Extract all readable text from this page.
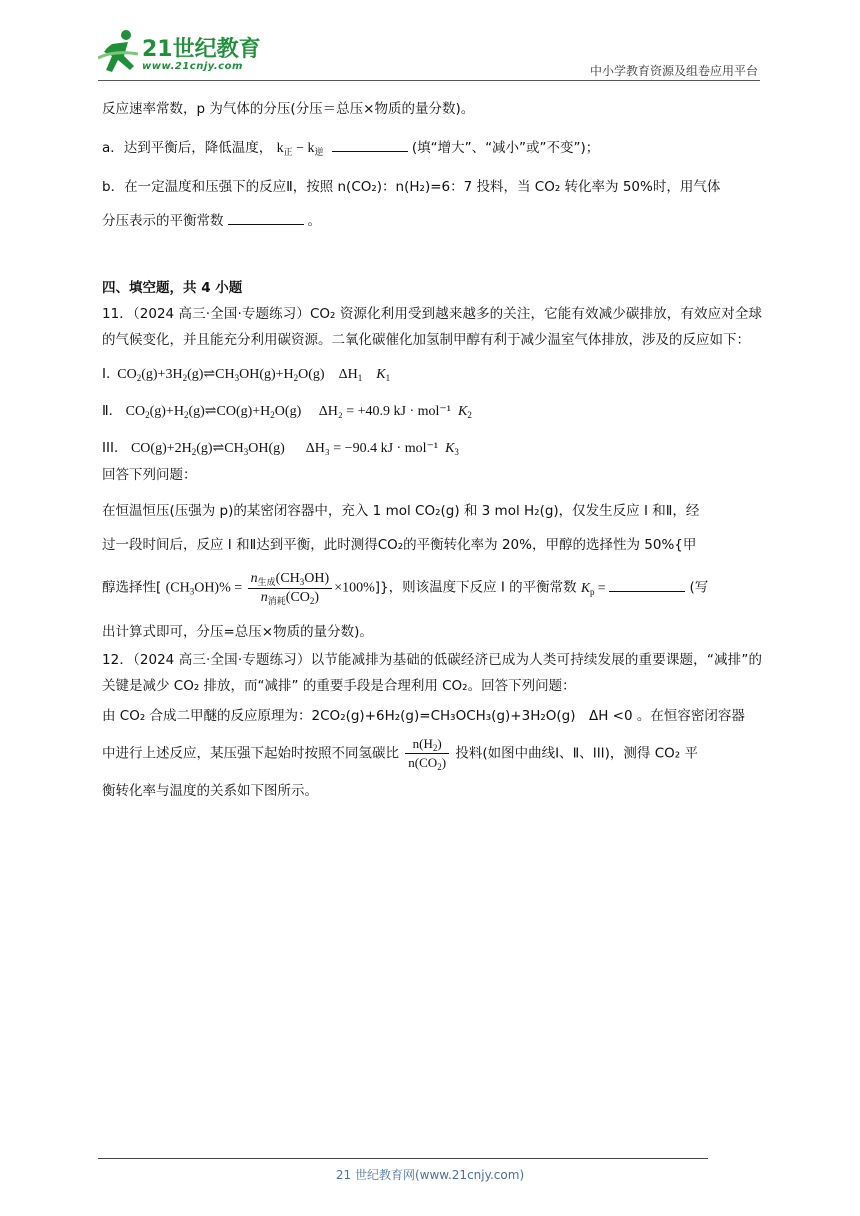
21世纪教育
www.21cnjy.com	中小学教育资源及组卷应用平台

反应速率常数，p 为气体的分压(分压＝总压×物质的量分数)。

a．达到平衡后，降低温度， $k_正 - k_逆$	(填“增大”、“减小”或”不变”)；

b．在一定温度和压强下的反应Ⅱ，按照 n(CO₂)：n(H₂)=6：7 投料，当 CO₂ 转化率为 50%时，用气体

分压表示的平衡常数	。

四、填空题，共 4 小题

11．（2024 高三·全国·专题练习）CO₂ 资源化利用受到越来越多的关注，它能有效减少碳排放，有效应对全球的气候变化，并且能充分利用碳资源。二氧化碳催化加氢制甲醇有利于减少温室气体排放，涉及的反应如下：

I.  $CO_2(g)+3H_2(g)\rightleftharpoons CH_3OH(g)+H_2O(g)$    $\Delta H_1$ $K_1$

Ⅱ． $CO_2(g)+H_2(g)\rightleftharpoons CO(g)+H_2O(g)$     ΔH₂ = +40.9 kJ · mol⁻¹ $K_2$

III． $CO(g)+2H_2(g)\rightleftharpoons CH_3OH(g)$      ΔH₃ = −90.4 kJ · mol⁻¹ $K_3$

回答下列问题：

在恒温恒压(压强为 p)的某密闭容器中，充入 1 mol CO₂(g) 和 3 mol H₂(g)，仅发生反应 I 和Ⅱ，经

过一段时间后，反应 I 和Ⅱ达到平衡，此时测得CO₂的平衡转化率为 20%，甲醇的选择性为 50%{甲

醇选择性[ $(CH_3OH)\% = \frac{n_{生成}(CH_3OH)}{n_{消耗}(CO_2)} \times 100\%$]}，则该温度下反应 I 的平衡常数 $K_p$ =	(写

出计算式即可，分压=总压×物质的量分数)。

12．（2024 高三·全国·专题练习）以节能减排为基础的低碳经济已成为人类可持续发展的重要课题，“减排”的关键是减少 CO₂ 排放，而“减排” 的重要手段是合理利用 CO₂。回答下列问题：

由 CO₂ 合成二甲醚的反应原理为：2CO₂(g)+6H₂(g)=CH₃OCH₃(g)+3H₂O(g)　ΔH <0 。在恒容密闭容器

中进行上述反应，某压强下起始时按照不同氢碳比 $\frac{n(H_2)}{n(CO_2)}$ 投料(如图中曲线Ⅰ、Ⅱ、III)，测得 CO₂ 平

衡转化率与温度的关系如下图所示。

21 世纪教育网(www.21cnjy.com)
